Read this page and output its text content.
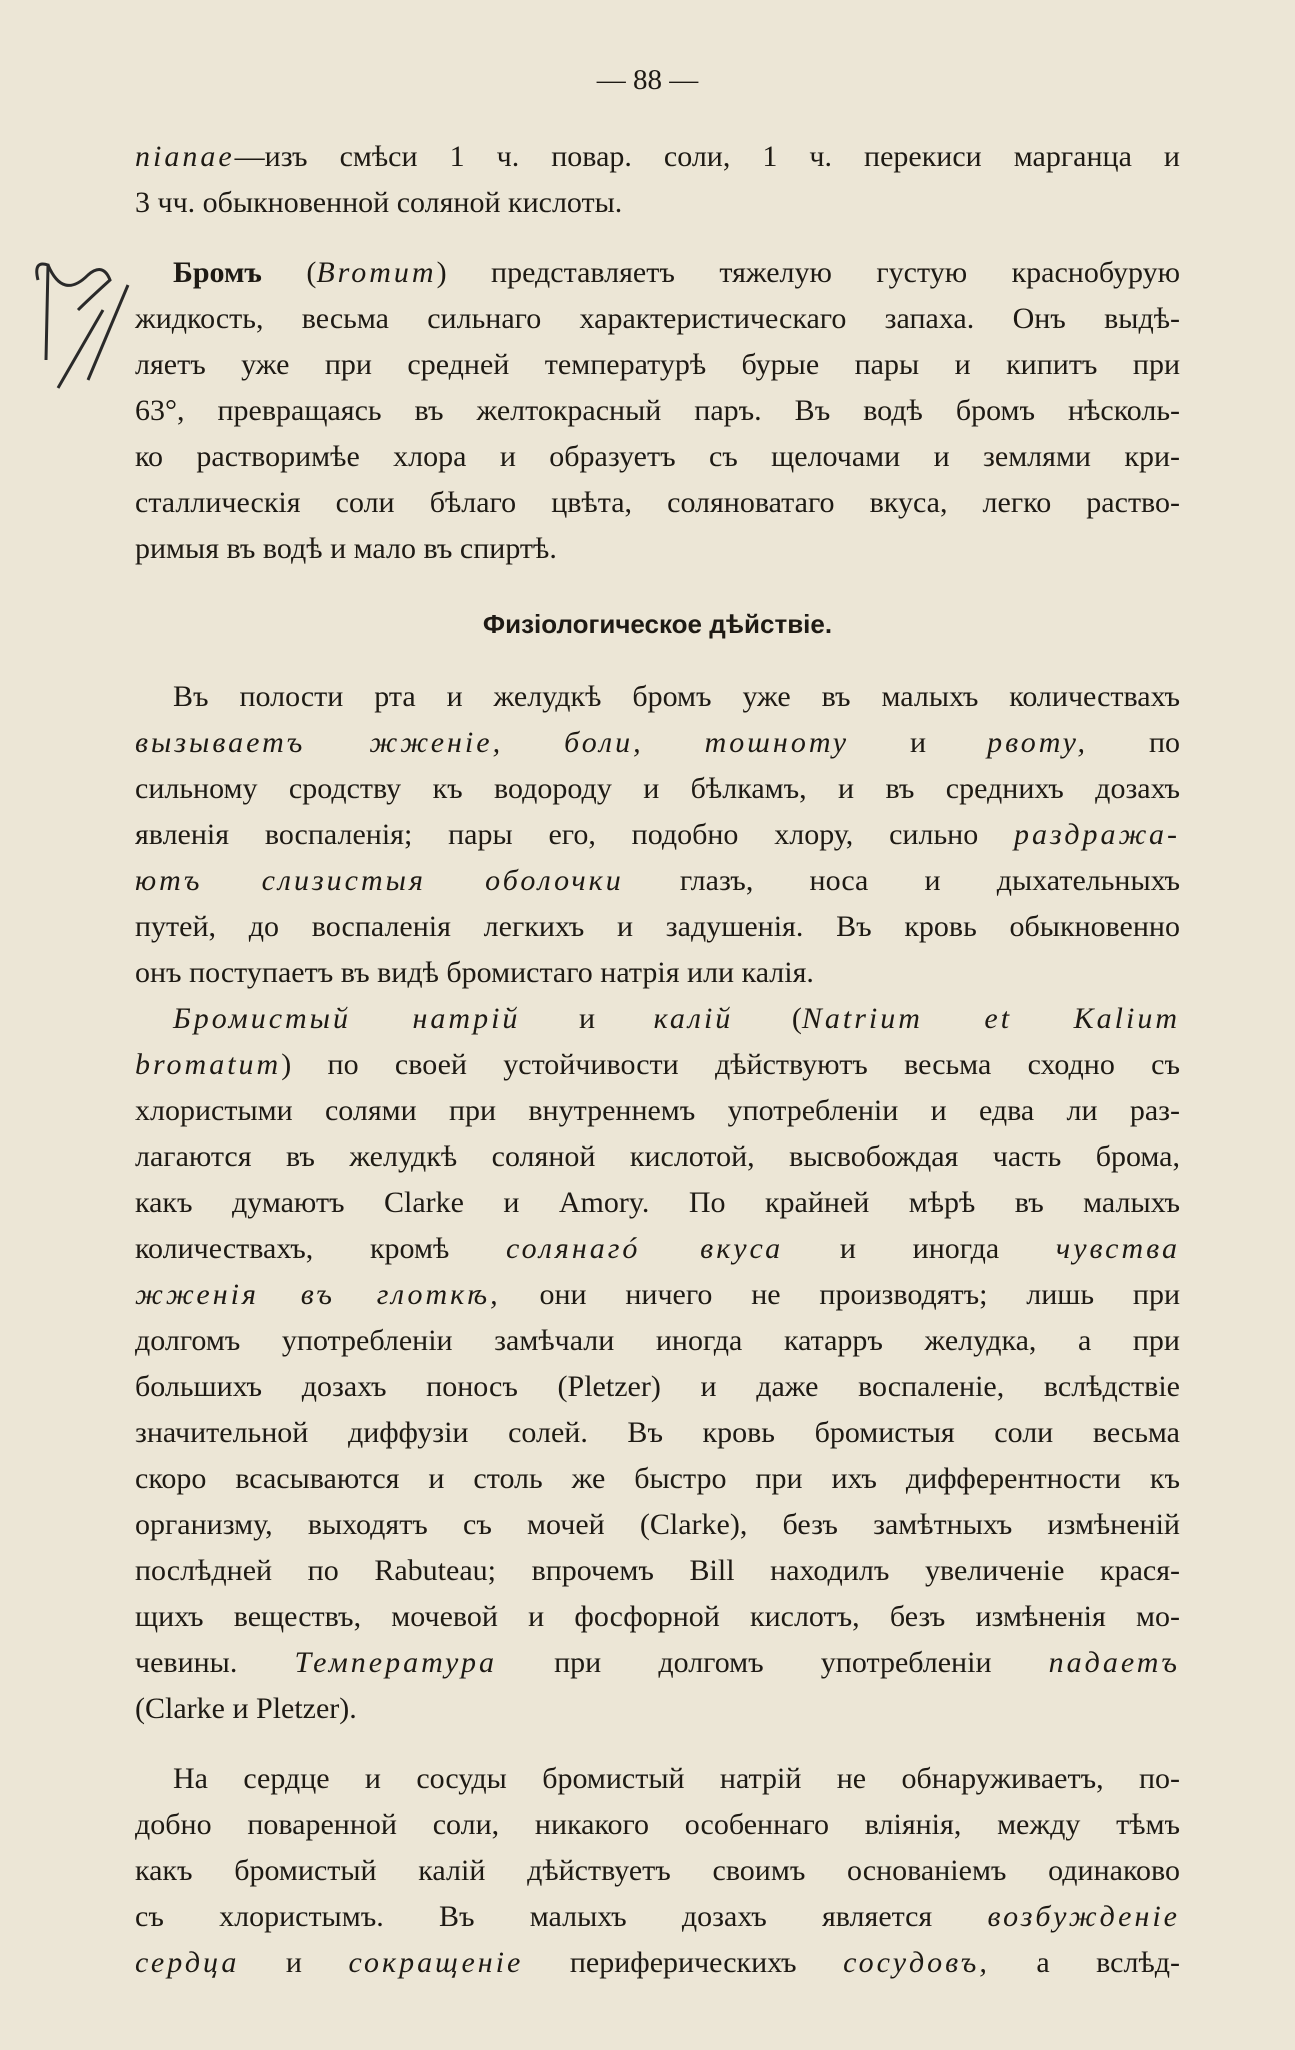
— 88 —
піапае—изъ смѣси 1 ч. повар. соли, 1 ч. перекиси марганца и
3 чч. обыкновенной соляной кислоты.
Бромъ (Bromum) представляетъ тяжелую густую краснобурую
жидкость, весьма сильнаго характеристическаго запаха. Онъ выдѣ-
ляетъ уже при средней температурѣ бурые пары и кипитъ при
63°, превращаясь въ желтокрасный паръ. Въ водѣ бромъ нѣсколь-
ко растворимѣе хлора и образуетъ съ щелочами и землями кри-
сталлическiя соли бѣлаго цвѣта, соляноватаго вкуса, легко раство-
римыя въ водѣ и мало въ спиртѣ.
Физiологическое дѣйствiе.
Въ полости рта и желудкѣ бромъ уже въ малыхъ количествахъ
вызываетъ жженiе, боли, тошноту и рвоту, по
сильному сродству къ водороду и бѣлкамъ, и въ среднихъ дозахъ
явленiя воспаленiя; пары его, подобно хлору, сильно раздража-
ютъ слизистыя оболочки глазъ, носа и дыхательныхъ
путей, до воспаленiя легкихъ и задушенiя. Въ кровь обыкновенно
онъ поступаетъ въ видѣ бромистаго натрiя или калiя.
Бромистый натрiй и калiй (Natrium et Kalium
bromatum) по своей устойчивости дѣйствуютъ весьма сходно съ
хлористыми солями при внутреннемъ употребленiи и едва ли раз-
лагаются въ желудкѣ соляной кислотой, высвобождая часть брома,
какъ думаютъ Clarke и Amory. По крайней мѣрѣ въ малыхъ
количествахъ, кромѣ солянагó вкуса и иногда чувства
жженiя въ глоткѣ, они ничего не производятъ; лишь при
долгомъ употребленiи замѣчали иногда катарръ желудка, а при
большихъ дозахъ поносъ (Pletzer) и даже воспаленiе, вслѣдствiе
значительной диффузiи солей. Въ кровь бромистыя соли весьма
скоро всасываются и столь же быстро при ихъ дифферентности къ
организму, выходятъ съ мочей (Clarke), безъ замѣтныхъ измѣненiй
послѣдней по Rabuteau; впрочемъ Bill находилъ увеличенiе краcя-
щихъ веществъ, мочевой и фосфорной кислотъ, безъ измѣненiя мо-
чевины. Температура при долгомъ употребленiи падаетъ
(Clarke и Pletzer).
На сердце и сосуды бромистый натрiй не обнаруживаетъ, по-
добно поваренной соли, никакого особеннаго влiянiя, между тѣмъ
какъ бромистый калiй дѣйствуетъ своимъ основанiемъ одинаково
съ хлористымъ. Въ малыхъ дозахъ является возбужденiе
сердца и сокращенiе периферическихъ сосудовъ, а вслѣд-
